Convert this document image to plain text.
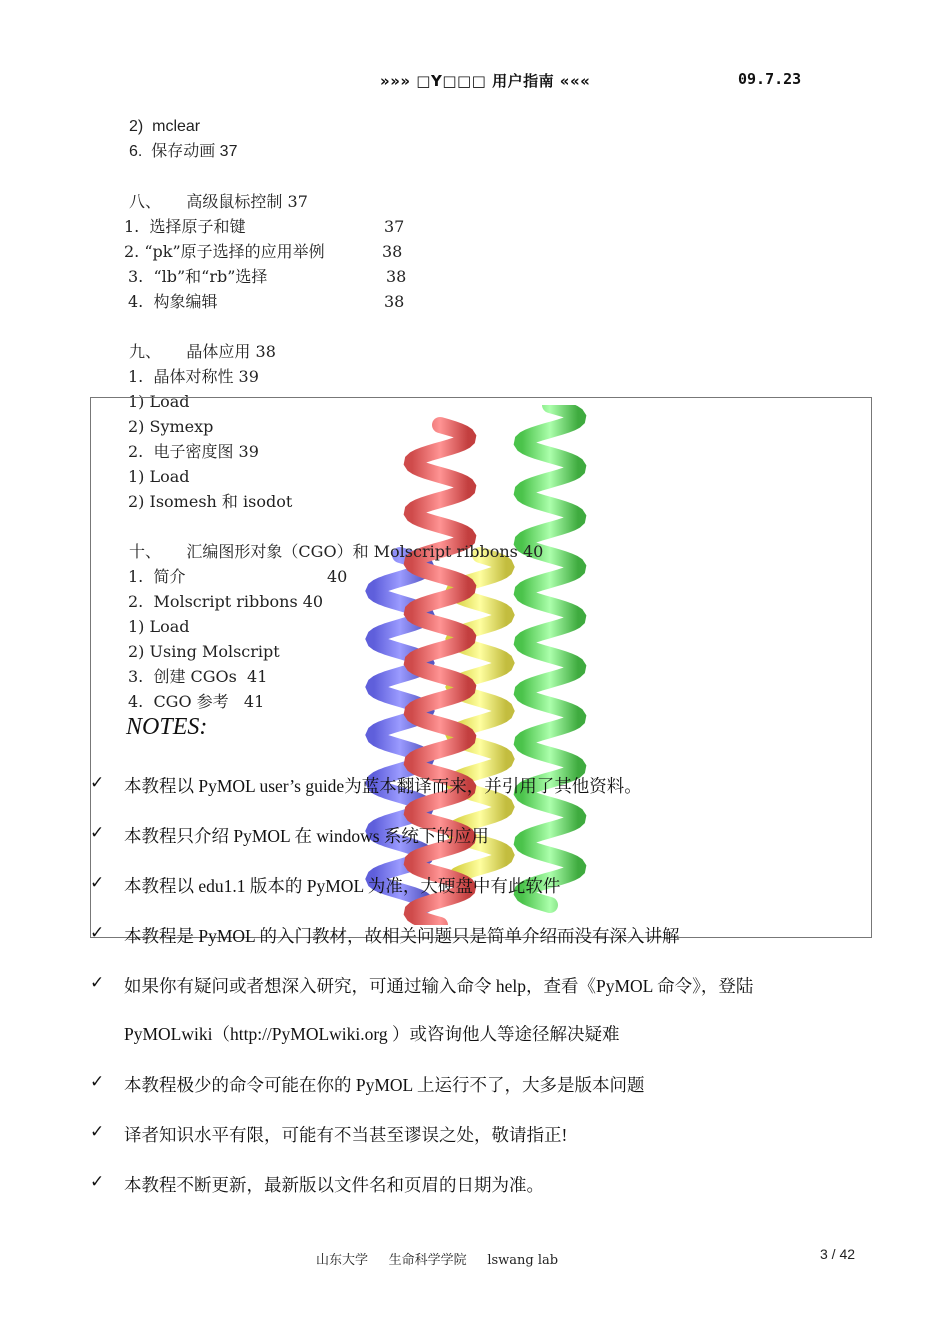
»»» □Y□□□ 用户指南 «««	09.7.23
2)  mclear
6. 保存动画 37
八、     高级鼠标控制 37
1.  选择原子和键	37
2. “pk”原子选择的应用举例	38
3.  “lb”和“rb”选择	38
4.  构象编辑	38
九、     晶体应用 38
1.  晶体对称性 39
1) Load
2) Symexp
2.  电子密度图 39
1) Load
2) Isomesh 和 isodot
十、     汇编图形对象（CGO）和 Molscript ribbons 40
1.  简介	40
2.  Molscript ribbons 40
1) Load
2) Using Molscript
3.  创建 CGOs  41
4.  CGO 参考   41
NOTES:
✓ 本教程以 PyMOL user’s guide为蓝本翻译而来，并引用了其他资料。
✓ 本教程只介绍 PyMOL 在 windows 系统下的应用
✓ 本教程以 edu1.1 版本的 PyMOL 为准，大硬盘中有此软件
✓ 本教程是 PyMOL 的入门教材，故相关问题只是简单介绍而没有深入讲解
✓ 如果你有疑问或者想深入研究，可通过输入命令 help，查看《PyMOL 命令》，登陆
PyMOLwiki（http://PyMOLwiki.org ）或咨询他人等途径解决疑难
✓ 本教程极少的命令可能在你的 PyMOL 上运行不了，大多是版本问题
✓ 译者知识水平有限，可能有不当甚至谬误之处，敬请指正!
✓ 本教程不断更新，最新版以文件名和页眉的日期为准。
山东大学     生命科学学院     lswang lab	3 / 42
